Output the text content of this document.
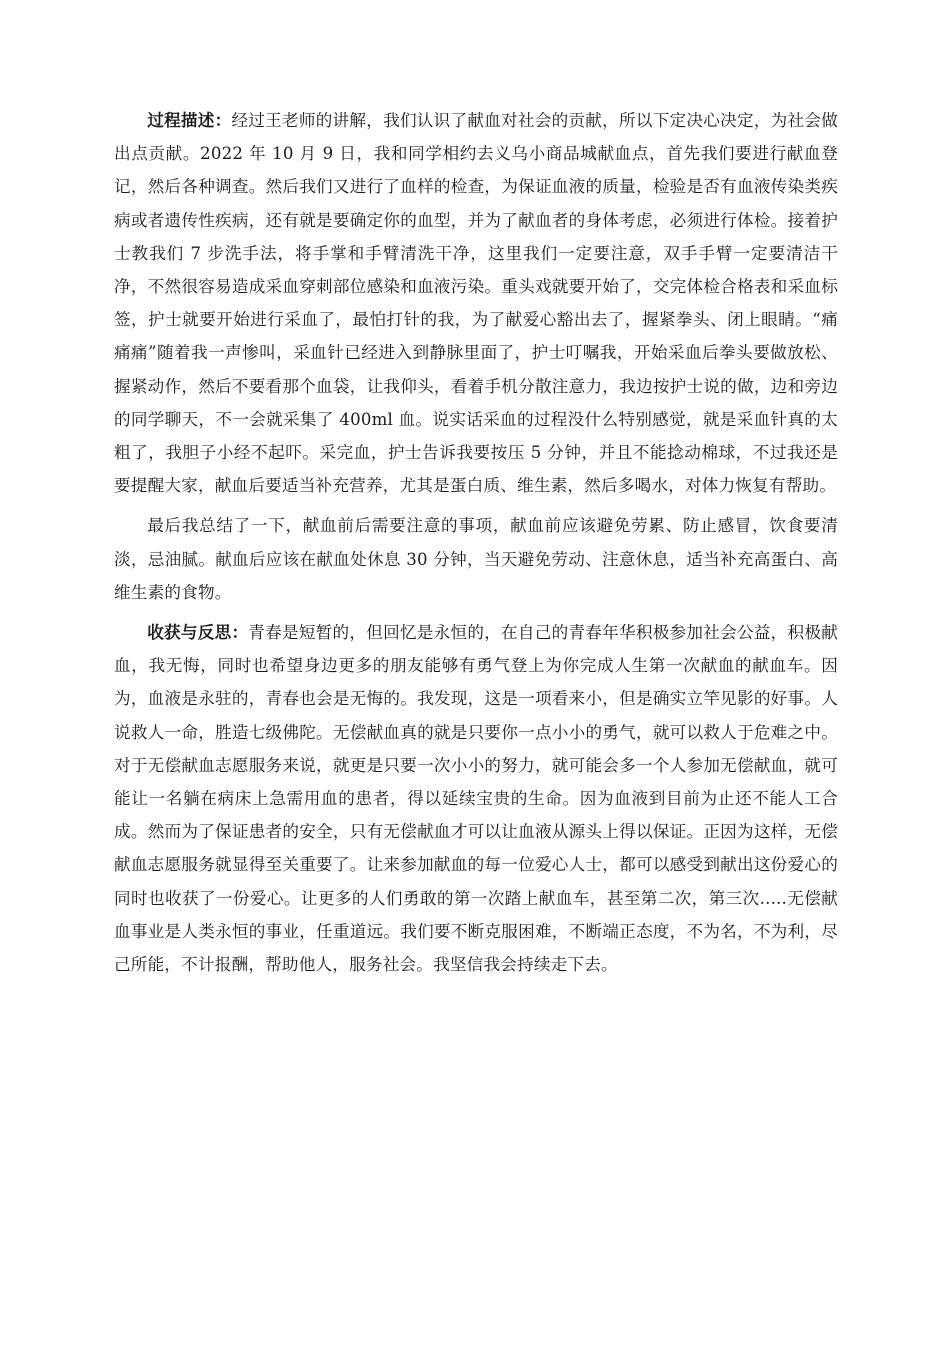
过程描述：经过王老师的讲解，我们认识了献血对社会的贡献，所以下定决心决定，为社会做出点贡献。2022 年 10 月 9 日，我和同学相约去义乌小商品城献血点，首先我们要进行献血登记，然后各种调查。然后我们又进行了血样的检查，为保证血液的质量，检验是否有血液传染类疾病或者遗传性疾病，还有就是要确定你的血型，并为了献血者的身体考虑，必须进行体检。接着护士教我们 7 步洗手法，将手掌和手臂清洗干净，这里我们一定要注意，双手手臂一定要清洁干净，不然很容易造成采血穿刺部位感染和血液污染。重头戏就要开始了，交完体检合格表和采血标签，护士就要开始进行采血了，最怕打针的我，为了献爱心豁出去了，握紧拳头、闭上眼睛。“痛痛痛”随着我一声惨叫，采血针已经进入到静脉里面了，护士叮嘱我，开始采血后拳头要做放松、握紧动作，然后不要看那个血袋，让我仰头，看着手机分散注意力，我边按护士说的做，边和旁边的同学聊天，不一会就采集了 400ml 血。说实话采血的过程没什么特别感觉，就是采血针真的太粗了，我胆子小经不起吓。采完血，护士告诉我要按压 5 分钟，并且不能捻动棉球，不过我还是要提醒大家，献血后要适当补充营养，尤其是蛋白质、维生素，然后多喝水，对体力恢复有帮助。

最后我总结了一下，献血前后需要注意的事项，献血前应该避免劳累、防止感冒，饮食要清淡，忌油腻。献血后应该在献血处休息 30 分钟，当天避免劳动、注意休息，适当补充高蛋白、高维生素的食物。

收获与反思：青春是短暂的，但回忆是永恒的，在自己的青春年华积极参加社会公益，积极献血，我无悔，同时也希望身边更多的朋友能够有勇气登上为你完成人生第一次献血的献血车。因为，血液是永驻的，青春也会是无悔的。我发现，这是一项看来小，但是确实立竿见影的好事。人说救人一命，胜造七级佛陀。无偿献血真的就是只要你一点小小的勇气，就可以救人于危难之中。对于无偿献血志愿服务来说，就更是只要一次小小的努力，就可能会多一个人参加无偿献血，就可能让一名躺在病床上急需用血的患者，得以延续宝贵的生命。因为血液到目前为止还不能人工合成。然而为了保证患者的安全，只有无偿献血才可以让血液从源头上得以保证。正因为这样，无偿献血志愿服务就显得至关重要了。让来参加献血的每一位爱心人士，都可以感受到献出这份爱心的同时也收获了一份爱心。让更多的人们勇敢的第一次踏上献血车，甚至第二次，第三次.....无偿献血事业是人类永恒的事业，任重道远。我们要不断克服困难，不断端正态度，不为名，不为利，尽己所能，不计报酬，帮助他人，服务社会。我坚信我会持续走下去。
